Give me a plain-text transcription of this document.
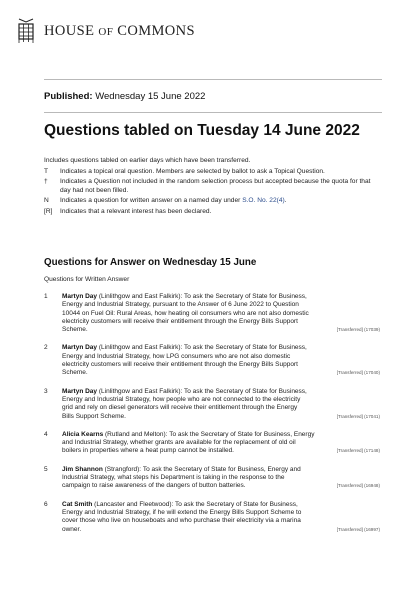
HOUSE OF COMMONS
Published: Wednesday 15 June 2022
Questions tabled on Tuesday 14 June 2022
Includes questions tabled on earlier days which have been transferred.
T	Indicates a topical oral question. Members are selected by ballot to ask a Topical Question.
†	Indicates a Question not included in the random selection process but accepted because the quota for that day had not been filled.
N	Indicates a question for written answer on a named day under S.O. No. 22(4).
[R]	Indicates that a relevant interest has been declared.
Questions for Answer on Wednesday 15 June
Questions for Written Answer
1	Martyn Day (Linlithgow and East Falkirk): To ask the Secretary of State for Business,
Energy and Industrial Strategy, pursuant to the Answer of 6 June 2022 to Question
10044 on Fuel Oil: Rural Areas, how heating oil consumers who are not also domestic
electricity customers will receive their entitlement through the Energy Bills Support
Scheme.	[Transferred] (17039)
2	Martyn Day (Linlithgow and East Falkirk): To ask the Secretary of State for Business,
Energy and Industrial Strategy, how LPG consumers who are not also domestic
electricity customers will receive their entitlement through the Energy Bills Support
Scheme.	[Transferred] (17040)
3	Martyn Day (Linlithgow and East Falkirk): To ask the Secretary of State for Business,
Energy and Industrial Strategy, how people who are not connected to the electricity
grid and rely on diesel generators will receive their entitlement through the Energy
Bills Support Scheme.	[Transferred] (17041)
4	Alicia Kearns (Rutland and Melton): To ask the Secretary of State for Business, Energy
and Industrial Strategy, whether grants are available for the replacement of old oil
boilers in properties where a heat pump cannot be installed.	[Transferred] (17148)
5	Jim Shannon (Strangford): To ask the Secretary of State for Business, Energy and
Industrial Strategy, what steps his Department is taking in the response to the
campaign to raise awareness of the dangers of button batteries.	[Transferred] (16948)
6	Cat Smith (Lancaster and Fleetwood): To ask the Secretary of State for Business,
Energy and Industrial Strategy, if he will extend the Energy Bills Support Scheme to
cover those who live on houseboats and who purchase their electricity via a marina
owner.	[Transferred] (16997)
